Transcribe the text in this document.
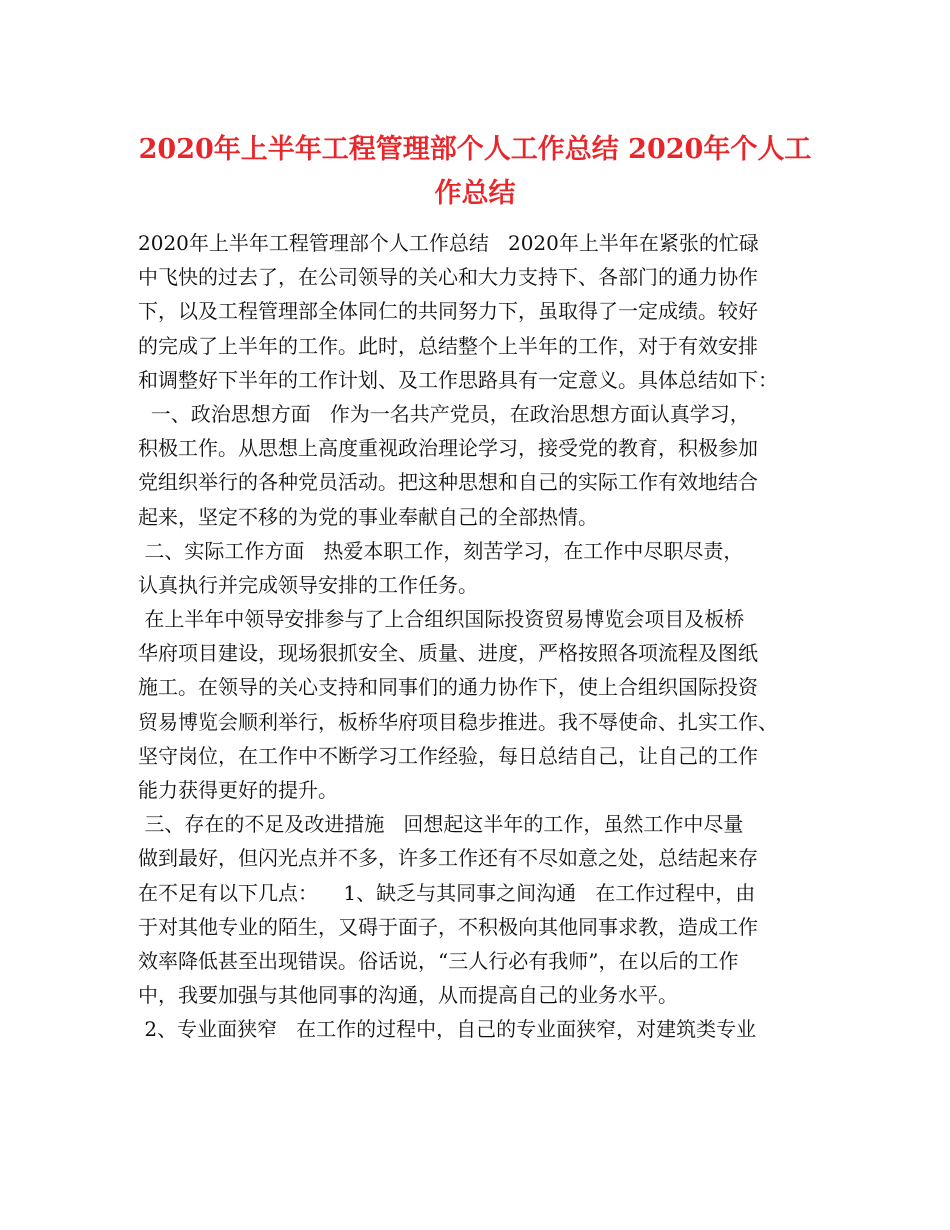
2020年上半年工程管理部个人工作总结 2020年个人工
作总结
2020年上半年工程管理部个人工作总结   2020年上半年在紧张的忙碌
中飞快的过去了，在公司领导的关心和大力支持下、各部门的通力协作
下，以及工程管理部全体同仁的共同努力下，虽取得了一定成绩。较好
的完成了上半年的工作。此时，总结整个上半年的工作，对于有效安排
和调整好下半年的工作计划、及工作思路具有一定意义。具体总结如下：
一、政治思想方面   作为一名共产党员，在政治思想方面认真学习，
积极工作。从思想上高度重视政治理论学习，接受党的教育，积极参加
党组织举行的各种党员活动。把这种思想和自己的实际工作有效地结合
起来，坚定不移的为党的事业奉献自己的全部热情。
二、实际工作方面   热爱本职工作，刻苦学习，在工作中尽职尽责，
认真执行并完成领导安排的工作任务。
在上半年中领导安排参与了上合组织国际投资贸易博览会项目及板桥
华府项目建设，现场狠抓安全、质量、进度，严格按照各项流程及图纸
施工。在领导的关心支持和同事们的通力协作下，使上合组织国际投资
贸易博览会顺利举行，板桥华府项目稳步推进。我不辱使命、扎实工作、
坚守岗位，在工作中不断学习工作经验，每日总结自己，让自己的工作
能力获得更好的提升。
三、存在的不足及改进措施   回想起这半年的工作，虽然工作中尽量
做到最好，但闪光点并不多，许多工作还有不尽如意之处，总结起来存
在不足有以下几点：    1、缺乏与其同事之间沟通   在工作过程中，由
于对其他专业的陌生，又碍于面子，不积极向其他同事求教，造成工作
效率降低甚至出现错误。俗话说，“三人行必有我师”，在以后的工作
中，我要加强与其他同事的沟通，从而提高自己的业务水平。
2、专业面狭窄   在工作的过程中，自己的专业面狭窄，对建筑类专业
